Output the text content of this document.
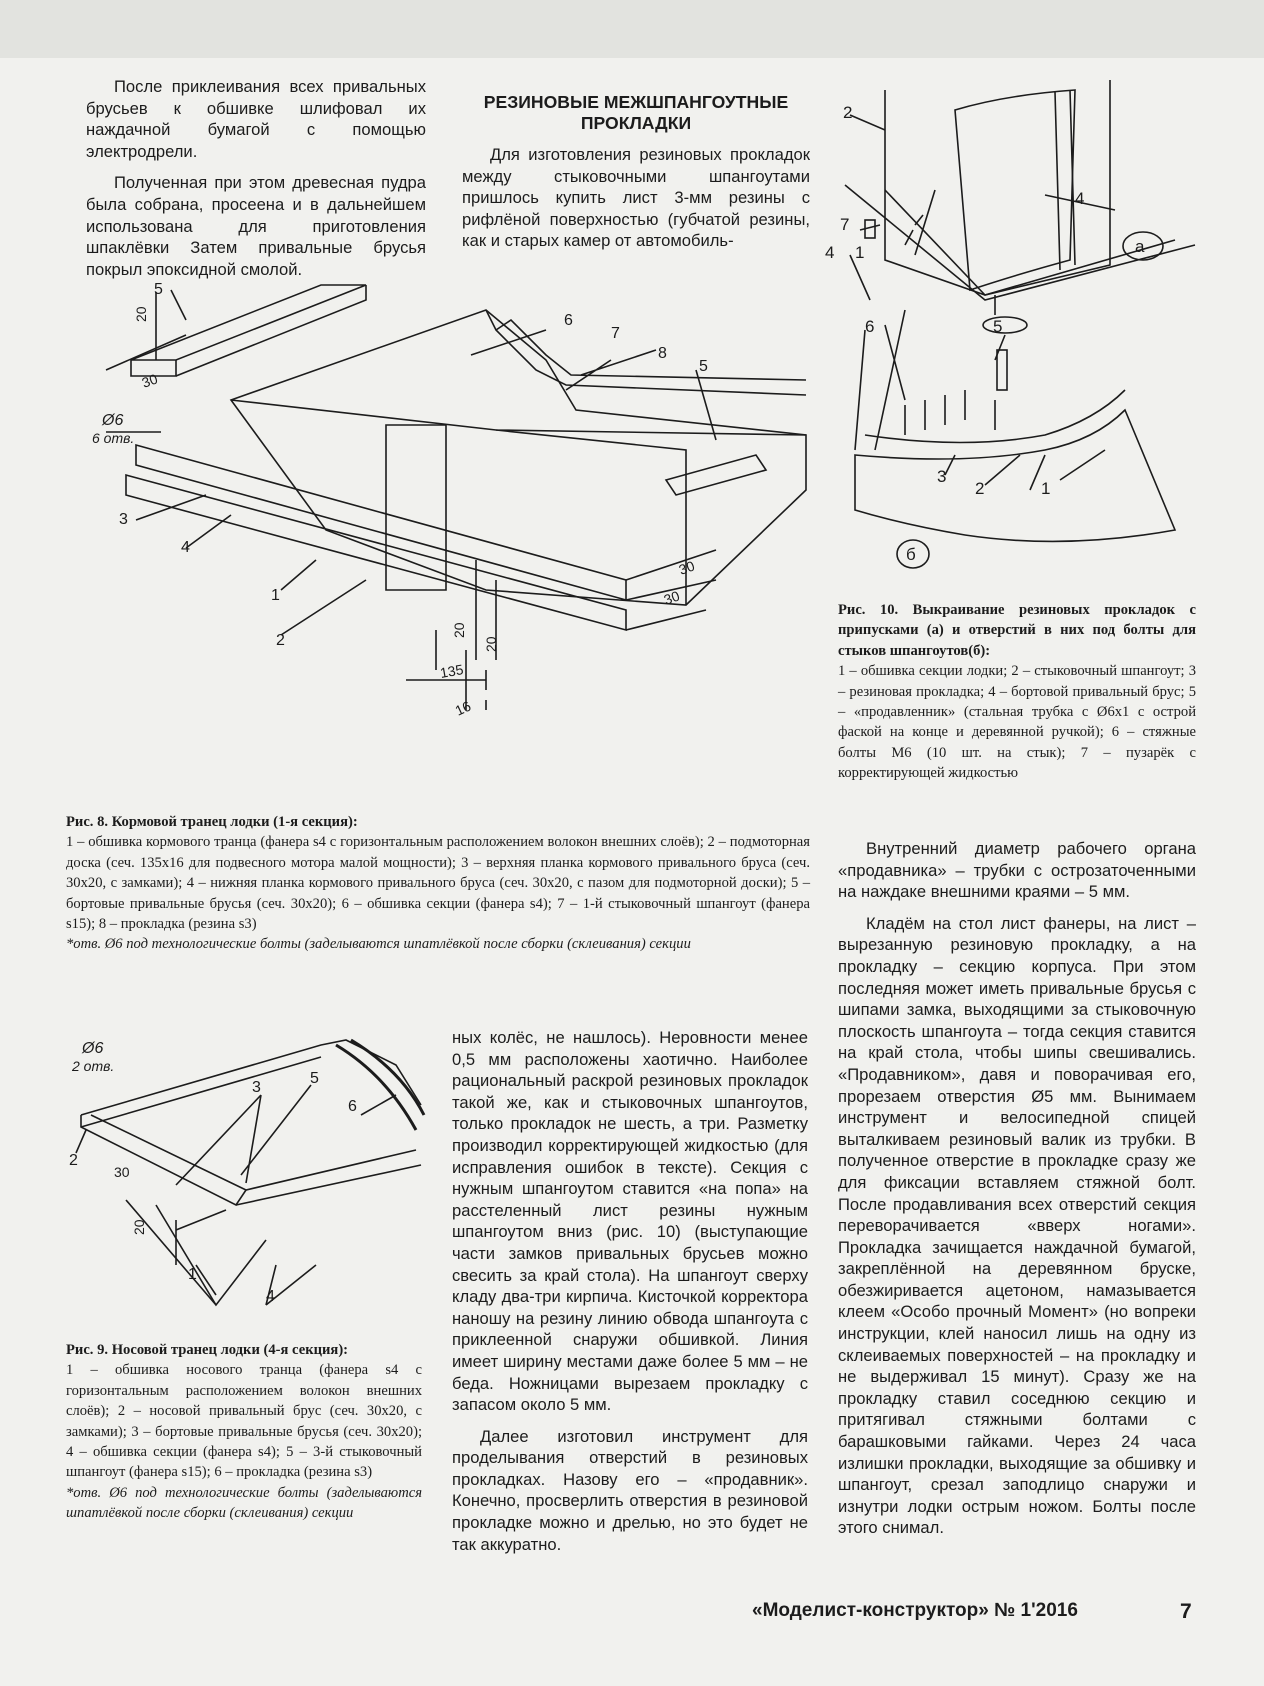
После приклеивания всех привальных брусьев к обшивке шлифовал их наждачной бумагой с помощью электродрели.

Полученная при этом древесная пудра была собрана, просеена и в дальнейшем использована для приготовления шпаклёвки Затем привальные брусья покрыл эпоксидной смолой.

РЕЗИНОВЫЕ МЕЖШПАНГОУТНЫЕ ПРОКЛАДКИ

Для изготовления резиновых прокладок между стыковочными шпангоутами пришлось купить лист 3-мм резины с рифлёной поверхностью (губчатой резины, как и старых камер от автомобиль-

5
20
30
Ø6
6 отв.
6
7
8
5
3
4
1
2
30
30
20
20
135
16
2
4
7
1	а
4
6	5
3
2	1
б
Рис. 10. Выкраивание резиновых прокладок с припусками (а) и отверстий в них под болты для стыков шпангоутов(б):
1 – обшивка секции лодки; 2 – стыковочный шпангоут; 3 – резиновая прокладка; 4 – бортовой привальный брус; 5 – «продавленник» (стальная трубка с Ø6х1 с острой фаской на конце и деревянной ручкой); 6 – стяжные болты М6 (10 шт. на стык); 7 – пузарёк с корректирующей жидкостью
Рис. 8. Кормовой транец лодки (1-я секция):
1 – обшивка кормового транца (фанера s4 с горизонтальным расположением волокон внешних слоёв); 2 – подмоторная доска (сеч. 135х16 для подвесного мотора малой мощности); 3 – верхняя планка кормового привального бруса (сеч. 30х20, с замками); 4 – нижняя планка кормового привального бруса (сеч. 30х20, с пазом для подмоторной доски); 5 – бортовые привальные брусья (сеч. 30х20); 6 – обшивка секции (фанера s4); 7 – 1-й стыковочный шпангоут (фанера s15); 8 – прокладка (резина s3)
*отв. Ø6 под технологические болты (заделываются шпатлёвкой после сборки (склеивания) секции

Внутренний диаметр рабочего органа «продавника» – трубки с острозаточенными на наждаке внешними краями – 5 мм.

Кладём на стол лист фанеры, на лист – вырезанную резиновую прокладку, а на прокладку – секцию корпуса. При этом последняя может иметь привальные брусья с шипами замка, выходящими за стыковочную плоскость шпангоута – тогда секция ставится на край стола, чтобы шипы свешивались. «Продавником», давя и поворачивая его, прорезаем отверстия Ø5 мм. Вынимаем инструмент и велосипедной спицей выталкиваем резиновый валик из трубки. В полученное отверстие в прокладке сразу же для фиксации вставляем стяжной болт. После продавливания всех отверстий секция переворачивается «вверх ногами». Прокладка зачищается наждачной бумагой, закреплённой на деревянном бруске, обезжиривается ацетоном, намазывается клеем «Особо прочный Момент» (но вопреки инструкции, клей наносил лишь на одну из склеиваемых поверхностей – на прокладку и не выдерживал 15 минут). Сразу же на прокладку ставил соседнюю секцию и притягивал стяжными болтами с барашковыми гайками. Через 24 часа излишки прокладки, выходящие за обшивку и шпангоут, срезал заподлицо снаружи и изнутри лодки острым ножом. Болты после этого снимал.

Ø6
2 отв.
2
3
5
6
30
20
1
4
Рис. 9. Носовой транец лодки (4-я секция):
1 – обшивка носового транца (фанера s4 с горизонтальным расположением волокон внешних слоёв); 2 – носовой привальный брус (сеч. 30х20, с замками); 3 – бортовые привальные брусья (сеч. 30х20); 4 – обшивка секции (фанера s4); 5 – 3-й стыковочный шпангоут (фанера s15); 6 – прокладка (резина s3)
*отв. Ø6 под технологические болты (заделываются шпатлёвкой после сборки (склеивания) секции

ных колёс, не нашлось). Неровности менее 0,5 мм расположены хаотично. Наиболее рациональный раскрой резиновых прокладок такой же, как и стыковочных шпангоутов, только прокладок не шесть, а три. Разметку производил корректирующей жидкостью (для исправления ошибок в тексте). Секция с нужным шпангоутом ставится «на попа» на расстеленный лист резины нужным шпангоутом вниз (рис. 10) (выступающие части замков привальных брусьев можно свесить за край стола). На шпангоут сверху кладу два-три кирпича. Кисточкой корректора наношу на резину линию обвода шпангоута с приклеенной снаружи обшивкой. Линия имеет ширину местами даже более 5 мм – не беда. Ножницами вырезаем прокладку с запасом около 5 мм.

Далее изготовил инструмент для проделывания отверстий в резиновых прокладках. Назову его – «продавник». Конечно, просверлить отверстия в резиновой прокладке можно и дрелью, но это будет не так аккуратно.

«Моделист-конструктор» № 1'2016	7
